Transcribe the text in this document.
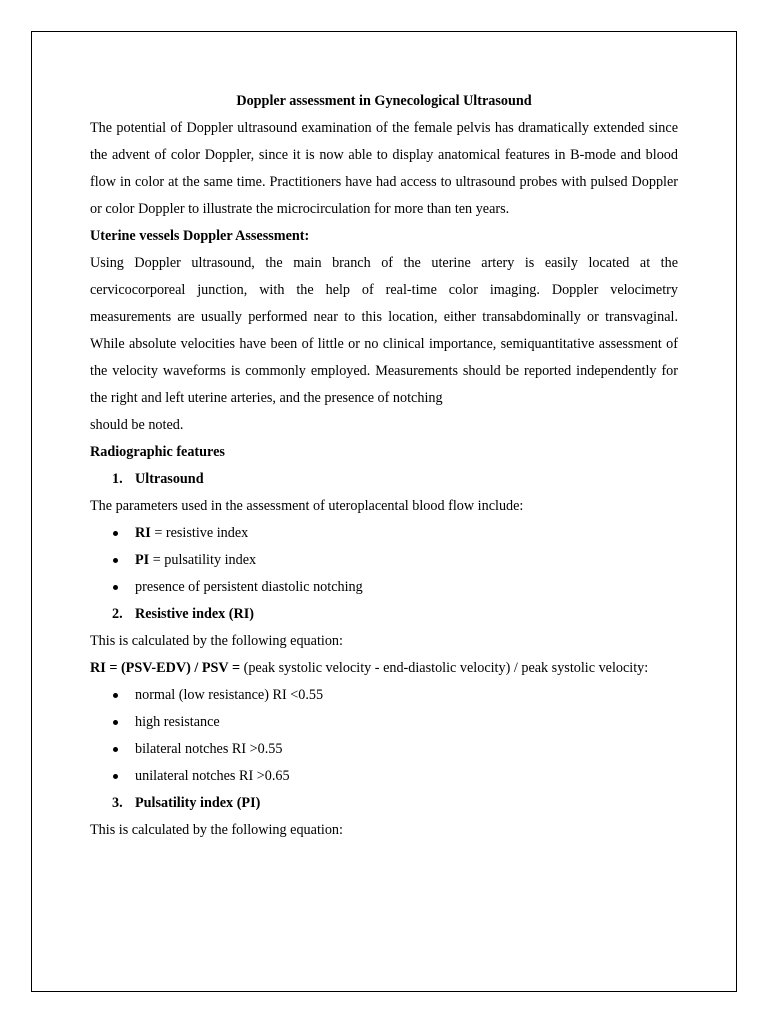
Doppler assessment in Gynecological Ultrasound

The potential of Doppler ultrasound examination of the female pelvis has dramatically extended since the advent of color Doppler, since it is now able to display anatomical features in B-mode and blood flow in color at the same time. Practitioners have had access to ultrasound probes with pulsed Doppler or color Doppler to illustrate the microcirculation for more than ten years.

Uterine vessels Doppler Assessment:

Using Doppler ultrasound, the main branch of the uterine artery is easily located at the cervicocorporeal junction, with the help of real-time color imaging. Doppler velocimetry measurements are usually performed near to this location, either transabdominally or transvaginal. While absolute velocities have been of little or no clinical importance, semiquantitative assessment of the velocity waveforms is commonly employed. Measurements should be reported independently for the right and left uterine arteries, and the presence of notching

should be noted.

Radiographic features

1. Ultrasound

The parameters used in the assessment of uteroplacental blood flow include:

RI = resistive index
PI = pulsatility index
presence of persistent diastolic notching
2. Resistive index (RI)

This is calculated by the following equation:

RI = (PSV-EDV) / PSV = (peak systolic velocity - end-diastolic velocity) / peak systolic velocity:

normal (low resistance) RI <0.55
high resistance
bilateral notches RI >0.55
unilateral notches RI >0.65
3. Pulsatility index (PI)

This is calculated by the following equation:
